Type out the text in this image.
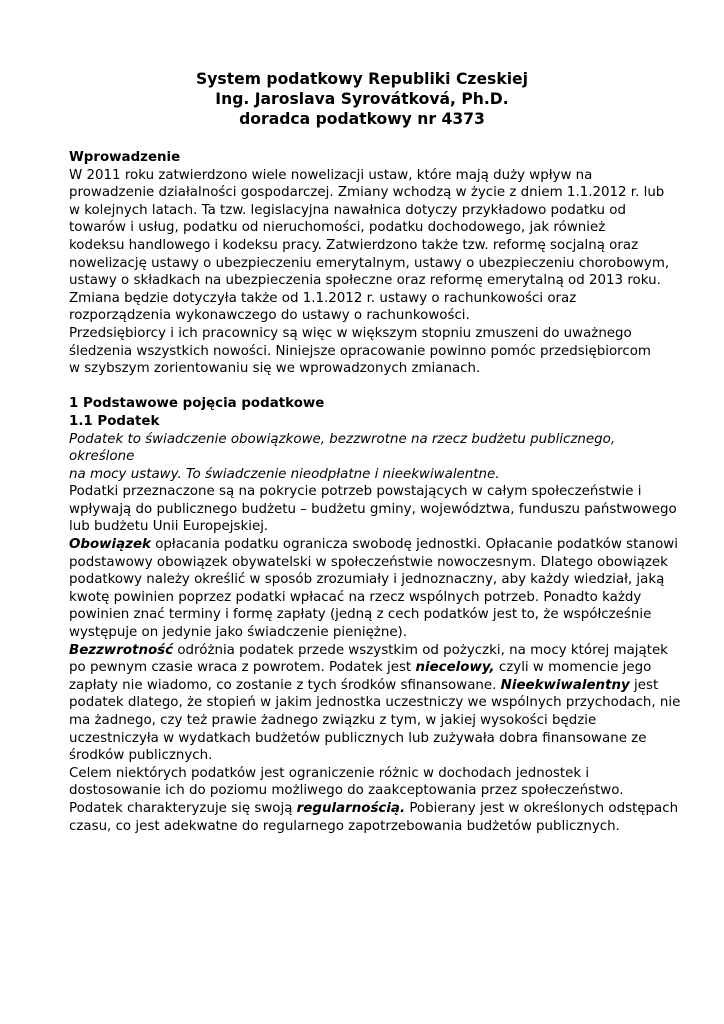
System podatkowy Republiki Czeskiej
Ing. Jaroslava Syrovátková, Ph.D.
doradca podatkowy nr 4373
Wprowadzenie
W 2011 roku zatwierdzono wiele nowelizacji ustaw, które mają duży wpływ na
prowadzenie działalności gospodarczej. Zmiany wchodzą w życie z dniem 1.1.2012 r. lub
w kolejnych latach. Ta tzw. legislacyjna nawałnica dotyczy przykładowo podatku od
towarów i usług, podatku od nieruchomości, podatku dochodowego, jak również
kodeksu handlowego i kodeksu pracy. Zatwierdzono także tzw. reformę socjalną oraz
nowelizację ustawy o ubezpieczeniu emerytalnym, ustawy o ubezpieczeniu chorobowym,
ustawy o składkach na ubezpieczenia społeczne oraz reformę emerytalną od 2013 roku.
Zmiana będzie dotyczyła także od 1.1.2012 r. ustawy o rachunkowości oraz
rozporządzenia wykonawczego do ustawy o rachunkowości.
Przedsiębiorcy i ich pracownicy są więc w większym stopniu zmuszeni do uważnego
śledzenia wszystkich nowości. Niniejsze opracowanie powinno pomóc przedsiębiorcom
w szybszym zorientowaniu się we wprowadzonych zmianach.
1 Podstawowe pojęcia podatkowe
1.1 Podatek
Podatek to świadczenie obowiązkowe, bezzwrotne na rzecz budżetu publicznego,
określone
na mocy ustawy. To świadczenie nieodpłatne i nieekwiwalentne.
Podatki przeznaczone są na pokrycie potrzeb powstających w całym społeczeństwie i
wpływają do publicznego budżetu – budżetu gminy, województwa, funduszu państwowego
lub budżetu Unii Europejskiej.
Obowiązek opłacania podatku ogranicza swobodę jednostki. Opłacanie podatków stanowi
podstawowy obowiązek obywatelski w społeczeństwie nowoczesnym. Dlatego obowiązek
podatkowy należy określić w sposób zrozumiały i jednoznaczny, aby każdy wiedział, jaką
kwotę powinien poprzez podatki wpłacać na rzecz wspólnych potrzeb. Ponadto każdy
powinien znać terminy i formę zapłaty (jedną z cech podatków jest to, że współcześnie
występuje on jedynie jako świadczenie pieniężne).
Bezzwrotność odróżnia podatek przede wszystkim od pożyczki, na mocy której majątek
po pewnym czasie wraca z powrotem. Podatek jest niecelowy, czyli w momencie jego
zapłaty nie wiadomo, co zostanie z tych środków sfinansowane. Nieekwiwalentny jest
podatek dlatego, że stopień w jakim jednostka uczestniczy we wspólnych przychodach, nie
ma żadnego, czy też prawie żadnego związku z tym, w jakiej wysokości będzie
uczestniczyła w wydatkach budżetów publicznych lub zużywała dobra finansowane ze
środków publicznych.
Celem niektórych podatków jest ograniczenie różnic w dochodach jednostek i
dostosowanie ich do poziomu możliwego do zaakceptowania przez społeczeństwo.
Podatek charakteryzuje się swoją regularnością. Pobierany jest w określonych odstępach
czasu, co jest adekwatne do regularnego zapotrzebowania budżetów publicznych.
